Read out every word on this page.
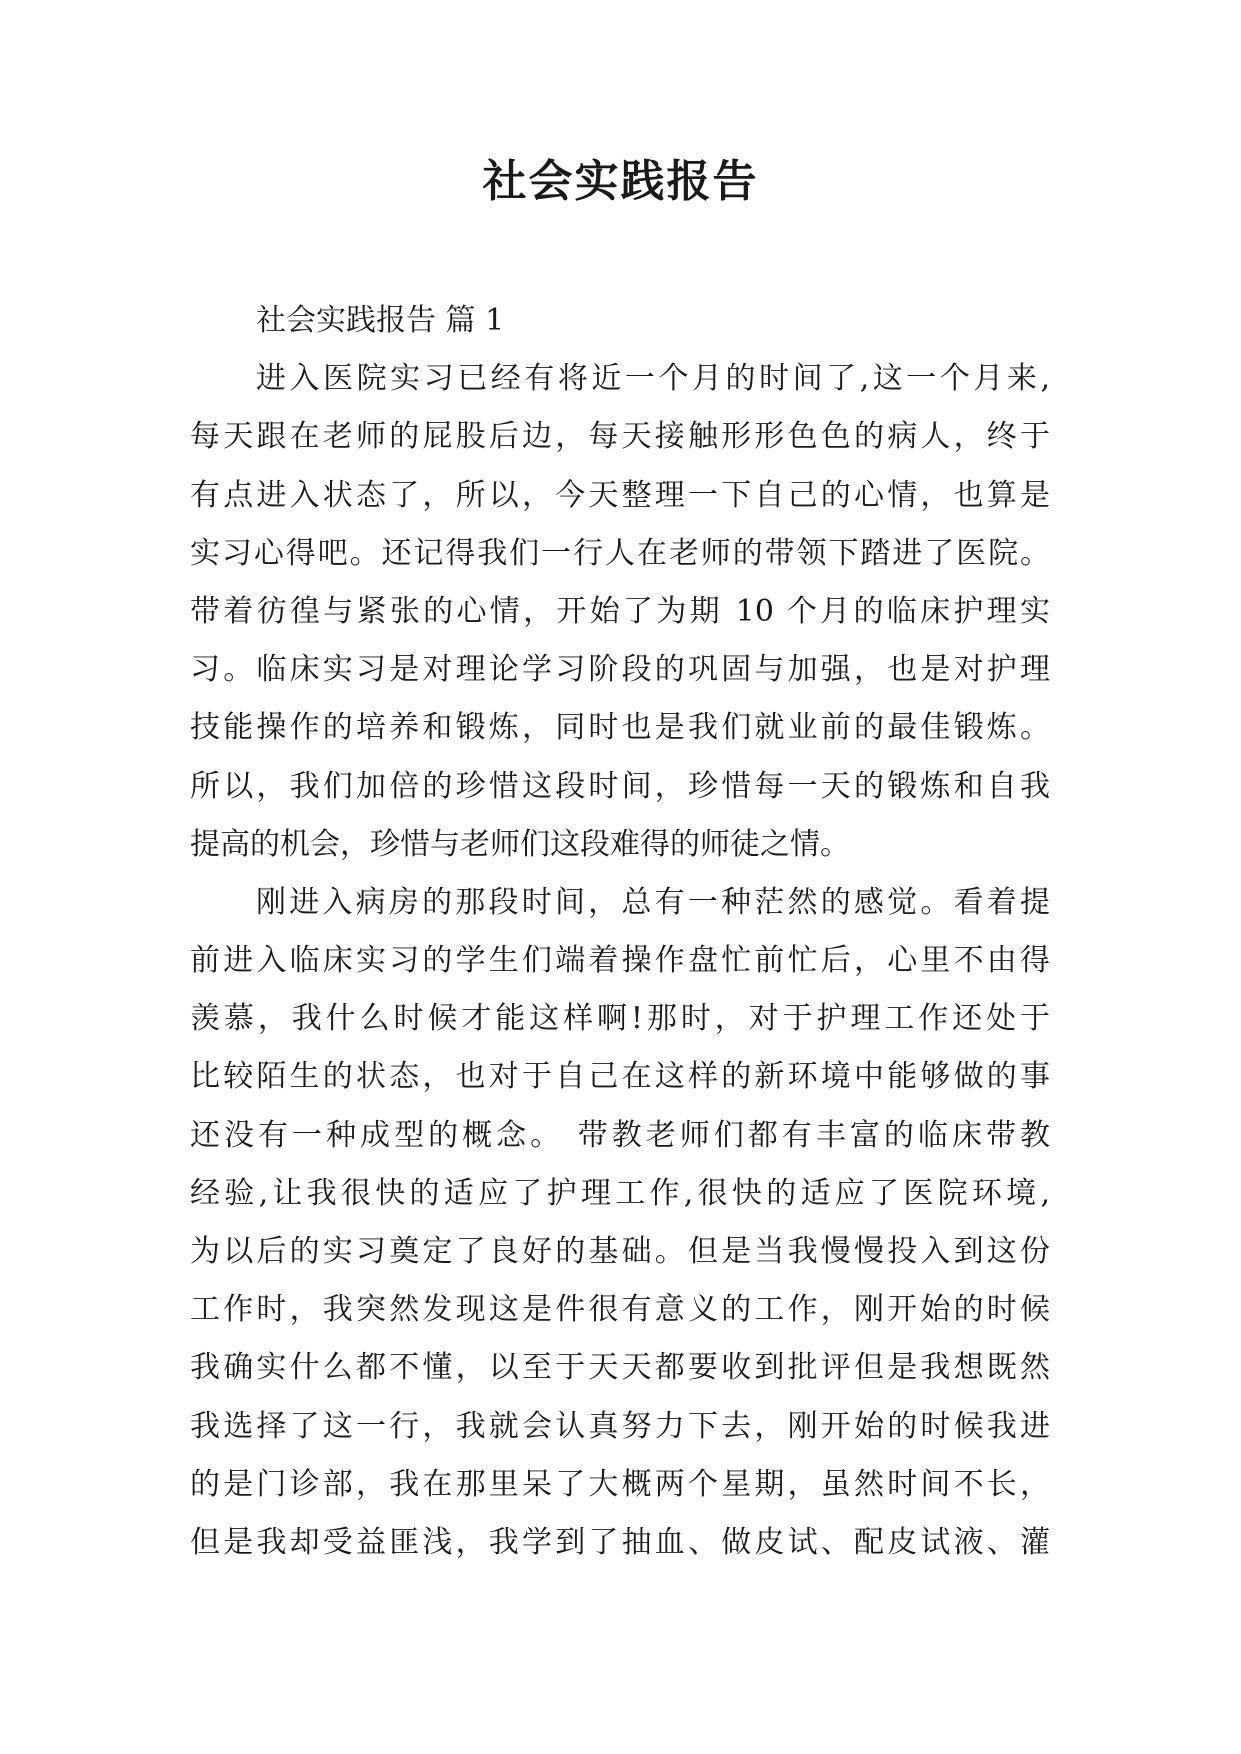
社会实践报告
社会实践报告 篇 1
进入医院实习已经有将近一个月的时间了,这一个月来,
每天跟在老师的屁股后边，每天接触形形色色的病人，终于
有点进入状态了，所以，今天整理一下自己的心情，也算是
实习心得吧。还记得我们一行人在老师的带领下踏进了医院。
带着彷徨与紧张的心情，开始了为期 10 个月的临床护理实
习。临床实习是对理论学习阶段的巩固与加强，也是对护理
技能操作的培养和锻炼，同时也是我们就业前的最佳锻炼。
所以，我们加倍的珍惜这段时间，珍惜每一天的锻炼和自我
提高的机会，珍惜与老师们这段难得的师徒之情。
刚进入病房的那段时间，总有一种茫然的感觉。看着提
前进入临床实习的学生们端着操作盘忙前忙后，心里不由得
羡慕，我什么时候才能这样啊!那时，对于护理工作还处于
比较陌生的状态，也对于自己在这样的新环境中能够做的事
还没有一种成型的概念。 带教老师们都有丰富的临床带教
经验,让我很快的适应了护理工作,很快的适应了医院环境,
为以后的实习奠定了良好的基础。但是当我慢慢投入到这份
工作时，我突然发现这是件很有意义的工作，刚开始的时候
我确实什么都不懂，以至于天天都要收到批评但是我想既然
我选择了这一行，我就会认真努力下去，刚开始的时候我进
的是门诊部，我在那里呆了大概两个星期，虽然时间不长，
但是我却受益匪浅，我学到了抽血、做皮试、配皮试液、灌
